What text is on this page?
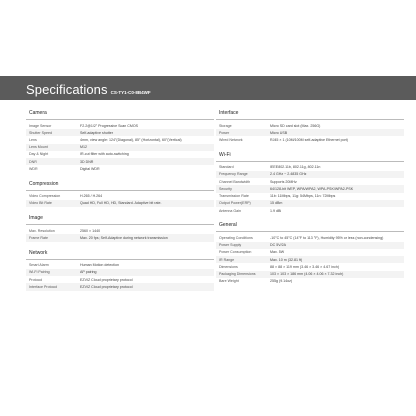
Specifications CS-TY1-C0-8B4WF
Camera
Image Sensor	F2.2@1/2" Progressive Scan CMOS
Shutter Speed	Self-adaptive shutter
Lens	4mm, view angle: 124°(Diagonal), 85° (Horizontal), 60°(Vertical)
Lens Mount	M12
Day & Night	IR-cut filter with auto-switching
DNR	3D DNR
WDR	Digital WDR
Compression
Video Compression	H.265 / H.264
Video Bit Rate	Quad HD, Full HD, HD, Standard. Adaptive bit rate.
Image
Max. Resolution	2560 × 1440
Frame Rate	Max. 20 fps; Self-Adaptive during network transmission
Network
Smart Alarm	Human Motion detection
Wi-Fi Pairing	AP pairing
Protocol	EZVIZ Cloud proprietary protocol
Interface Protocol	EZVIZ Cloud proprietary protocol
Interface
Storage	Micro SD card slot (Max. 256G)
Power	Micro USB
Wired Network	RJ45 × 1 (10M/100M self-adaptive Ethernet port)
Wi-Fi
Standard	IEEE802.11b, 802.11g, 802.11n
Frequency Range	2.4 GHz ~ 2.4835 GHz
Channel Bandwidth	Supports 20MHz
Security	64/128-bit WEP, WPA/WPA2, WPA-PSK/WPA2-PSK
Transmission Rate	11b: 11Mbps, 11g: 54Mbps, 11n: 72Mbps
Output Power(ERP)	15 dBm
Antenna Gain	1.9 dBi
General
Operating Conditions	-10°C to 45°C (14°F to 113 °F), Humidity 95% or less (non-condensing)
Power Supply	DC 5V/2A
Power Consumption	Max. 5W
IR Range	Max. 10 m (32.81 ft)
Dimensions	88 × 88 × 119 mm (3.46 × 3.46 × 4.67 inch)
Packaging Dimensions	103 × 103 × 186 mm (4.06 × 4.06 × 7.32 inch)
Bare Weight	255g (9.14oz)
